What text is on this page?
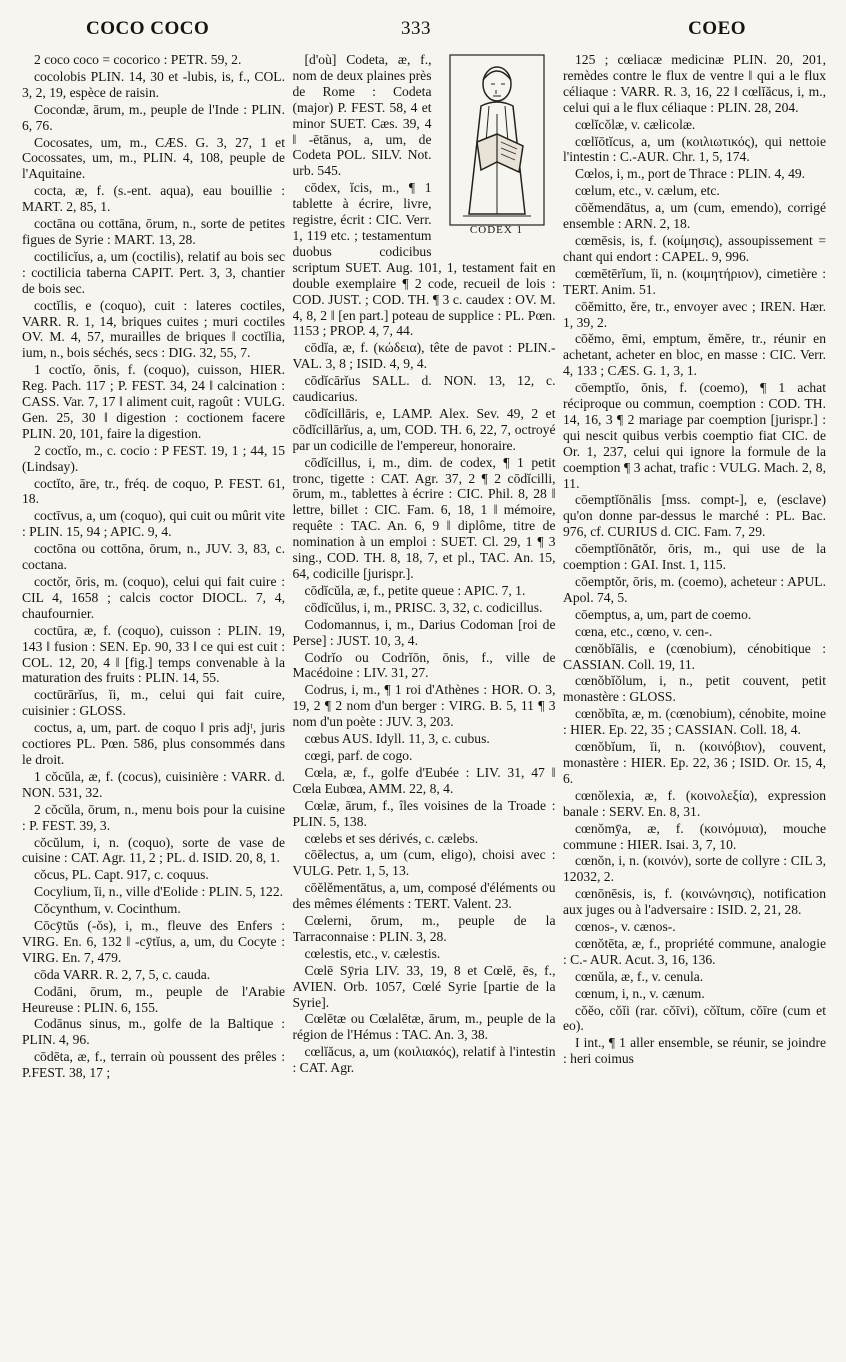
COCO COCO	333	COEO

2 coco coco = cocorico : PETR. 59, 2.

cocolobis PLIN. 14, 30 et -lubis, is, f., COL. 3, 2, 19, espèce de raisin.

Cocondæ, ārum, m., peuple de l'Inde : PLIN. 6, 76.

Cocosates, um, m., CÆS. G. 3, 27, 1 et Cocossates, um, m., PLIN. 4, 108, peuple de l'Aquitaine.

cocta, æ, f. (s.-ent. aqua), eau bouillie : MART. 2, 85, 1.

coctāna ou cottāna, ōrum, n., sorte de petites figues de Syrie : MART. 13, 28.

coctilicĭus, a, um (coctilis), relatif au bois sec : coctilicia taberna CAPIT. Pert. 3, 3, chantier de bois sec.

coctĭlis, e (coquo), cuit : lateres coctiles, VARR. R. 1, 14, briques cuites ; muri coctiles OV. M. 4, 57, murailles de briques ‖ coctĭlia, ium, n., bois séchés, secs : DIG. 32, 55, 7.

1 coctĭo, ōnis, f. (coquo), cuisson, HIER. Reg. Pach. 117 ; P. FEST. 34, 24 ‖ calcination : CASS. Var. 7, 17 ‖ aliment cuit, ragoût : VULG. Gen. 25, 30 ‖ digestion : coctionem facere PLIN. 20, 101, faire la digestion.

2 coctĭo, m., c. cocio : P FEST. 19, 1 ; 44, 15 (Lindsay).

coctĭto, āre, tr., fréq. de coquo, P. FEST. 61, 18.

coctīvus, a, um (coquo), qui cuit ou mûrit vite : PLIN. 15, 94 ; APIC. 9, 4.

coctōna ou cottōna, ōrum, n., JUV. 3, 83, c. coctana.

coctŏr, ōris, m. (coquo), celui qui fait cuire : CIL 4, 1658 ; calcis coctor DIOCL. 7, 4, chaufournier.

coctūra, æ, f. (coquo), cuisson : PLIN. 19, 143 ‖ fusion : SEN. Ep. 90, 33 ‖ ce qui est cuit : COL. 12, 20, 4 ‖ [fig.] temps convenable à la maturation des fruits : PLIN. 14, 55.

coctūrārĭus, ĭi, m., celui qui fait cuire, cuisinier : GLOSS.

coctus, a, um, part. de coquo ‖ pris adjᵗ, juris coctiores PL. Pœn. 586, plus consommés dans le droit.

1 cŏcŭla, æ, f. (cocus), cuisinière : VARR. d. NON. 531, 32.

2 cŏcŭla, ōrum, n., menu bois pour la cuisine : P. FEST. 39, 3.

cŏcŭlum, i, n. (coquo), sorte de vase de cuisine : CAT. Agr. 11, 2 ; PL. d. ISID. 20, 8, 1.

cŏcus, PL. Capt. 917, c. coquus.

Cocylium, ĭi, n., ville d'Eolide : PLIN. 5, 122.

Cŏcynthum, v. Cocinthum.

Cōcȳtŭs (-ŏs), i, m., fleuve des Enfers : VIRG. En. 6, 132 ‖ -cȳtĭus, a, um, du Cocyte : VIRG. En. 7, 479.

cōda VARR. R. 2, 7, 5, c. cauda.

Codāni, ōrum, m., peuple de l'Arabie Heureuse : PLIN. 6, 155.

Codānus sinus, m., golfe de la Baltique : PLIN. 4, 96.

cōdēta, æ, f., terrain où poussent des prêles : P.FEST. 38, 17 ;

CODEX 1

[d'où] Codeta, æ, f., nom de deux plaines près de Rome : Codeta (major) P. FEST. 58, 4 et minor SUET. Cæs. 39, 4 ‖ -ētānus, a, um, de Codeta POL. SILV. Not. urb. 545.

cōdex, ĭcis, m., ¶ 1 tablette à écrire, livre, registre, écrit : CIC. Verr. 1, 119 etc. ; testamentum duobus codicibus scriptum SUET. Aug. 101, 1, testament fait en double exemplaire ¶ 2 code, recueil de lois : COD. JUST. ; COD. TH. ¶ 3 c. caudex : OV. M. 4, 8, 2 ‖ [en part.] poteau de supplice : PL. Pœn. 1153 ; PROP. 4, 7, 44.

cōdĭa, æ, f. (κώδεια), tête de pavot : PLIN.-VAL. 3, 8 ; ISID. 4, 9, 4.

cōdĭcārĭus SALL. d. NON. 13, 12, c. caudicarius.

cōdĭcillāris, e, LAMP. Alex. Sev. 49, 2 et cōdĭcillārĭus, a, um, COD. TH. 6, 22, 7, octroyé par un codicille de l'empereur, honoraire.

cōdĭcillus, i, m., dim. de codex, ¶ 1 petit tronc, tigette : CAT. Agr. 37, 2 ¶ 2 cōdĭcilli, ōrum, m., tablettes à écrire : CIC. Phil. 8, 28 ‖ lettre, billet : CIC. Fam. 6, 18, 1 ‖ mémoire, requête : TAC. An. 6, 9 ‖ diplôme, titre de nomination à un emploi : SUET. Cl. 29, 1 ¶ 3 sing., COD. TH. 8, 18, 7, et pl., TAC. An. 15, 64, codicille [jurispr.].

cōdĭcŭla, æ, f., petite queue : APIC. 7, 1.

cōdĭcŭlus, i, m., PRISC. 3, 32, c. codicillus.

Codomannus, i, m., Darius Codoman [roi de Perse] : JUST. 10, 3, 4.

Codrĭo ou Codrĭōn, ōnis, f., ville de Macédoine : LIV. 31, 27.

Codrus, i, m., ¶ 1 roi d'Athènes : HOR. O. 3, 19, 2 ¶ 2 nom d'un berger : VIRG. B. 5, 11 ¶ 3 nom d'un poète : JUV. 3, 203.

cœbus AUS. Idyll. 11, 3, c. cubus.

cœgi, parf. de cogo.

Cœla, æ, f., golfe d'Eubée : LIV. 31, 47 ‖ Cœla Eubœa, AMM. 22, 8, 4.

Cœlæ, ārum, f., îles voisines de la Troade : PLIN. 5, 138.

cœlebs et ses dérivés, c. cælebs.

cōēlectus, a, um (cum, eligo), choisi avec : VULG. Petr. 1, 5, 13.

cōĕlĕmentātus, a, um, composé d'éléments ou des mêmes éléments : TERT. Valent. 23.

Cœlerni, ōrum, m., peuple de la Tarraconnaise : PLIN. 3, 28.

cœlestis, etc., v. cælestis.

Cœlē Sȳria LIV. 33, 19, 8 et Cœlē, ēs, f., AVIEN. Orb. 1057, Cœlé Syrie [partie de la Syrie].

Cœlētæ ou Cœlalētæ, ārum, m., peuple de la région de l'Hémus : TAC. An. 3, 38.

cœlĭăcus, a, um (κοιλιακός), relatif à l'intestin : CAT. Agr.

125 ; cœliacæ medicinæ PLIN. 20, 201, remèdes contre le flux de ventre ‖ qui a le flux céliaque : VARR. R. 3, 16, 22 ‖ cœlĭăcus, i, m., celui qui a le flux céliaque : PLIN. 28, 204.

cœlĭcŏlæ, v. cælicolæ.

cœlĭōtĭcus, a, um (κοιλιωτικός), qui nettoie l'intestin : C.-AUR. Chr. 1, 5, 174.

Cœlos, i, m., port de Thrace : PLIN. 4, 49.

cœlum, etc., v. cælum, etc.

cōĕmendātus, a, um (cum, emendo), corrigé ensemble : ARN. 2, 18.

cœmēsis, is, f. (κοίμησις), assoupissement = chant qui endort : CAPEL. 9, 996.

cœmētērĭum, ĭi, n. (κοιμητήριον), cimetière : TERT. Anim. 51.

cōĕmitto, ĕre, tr., envoyer avec ; IREN. Hær. 1, 39, 2.

cōĕmo, ēmi, emptum, ĕmĕre, tr., réunir en achetant, acheter en bloc, en masse : CIC. Verr. 4, 133 ; CÆS. G. 1, 3, 1.

cōemptĭo, ōnis, f. (coemo), ¶ 1 achat réciproque ou commun, coemption : COD. TH. 14, 16, 3 ¶ 2 mariage par coemption [jurispr.] : qui nescit quibus verbis coemptio fiat CIC. de Or. 1, 237, celui qui ignore la formule de la coemption ¶ 3 achat, trafic : VULG. Mach. 2, 8, 11.

cōemptĭōnālis [mss. compt-], e, (esclave) qu'on donne par-dessus le marché : PL. Bac. 976, cf. CURIUS d. CIC. Fam. 7, 29.

cōemptĭōnātŏr, ōris, m., qui use de la coemption : GAI. Inst. 1, 115.

cōemptŏr, ōris, m. (coemo), acheteur : APUL. Apol. 74, 5.

cōemptus, a, um, part de coemo.

cœna, etc., cœno, v. cen-.

cœnŏbĭālis, e (cœnobium), cénobitique : CASSIAN. Coll. 19, 11.

cœnŏbĭŏlum, i, n., petit couvent, petit monastère : GLOSS.

cœnŏbīta, æ, m. (cœnobium), cénobite, moine : HIER. Ep. 22, 35 ; CASSIAN. Coll. 18, 4.

cœnŏbĭum, ĭi, n. (κοινόβιον), couvent, monastère : HIER. Ep. 22, 36 ; ISID. Or. 15, 4, 6.

cœnŏlexia, æ, f. (κοινολεξία), expression banale : SERV. En. 8, 31.

cœnŏmȳa, æ, f. (κοινόμυια), mouche commune : HIER. Isai. 3, 7, 10.

cœnŏn, i, n. (κοινόν), sorte de collyre : CIL 3, 12032, 2.

cœnōnēsis, is, f. (κοινώνησις), notification aux juges ou à l'adversaire : ISID. 2, 21, 28.

cœnos-, v. cænos-.

cœnŏtēta, æ, f., propriété commune, analogie : C.- AUR. Acut. 3, 16, 136.

cœnŭla, æ, f., v. cenula.

cœnum, i, n., v. cænum.

cŏĕo, cŏĭi (rar. cŏīvi), cŏĭtum, cŏīre (cum et eo).

I int., ¶ 1 aller ensemble, se réunir, se joindre : heri coimus
